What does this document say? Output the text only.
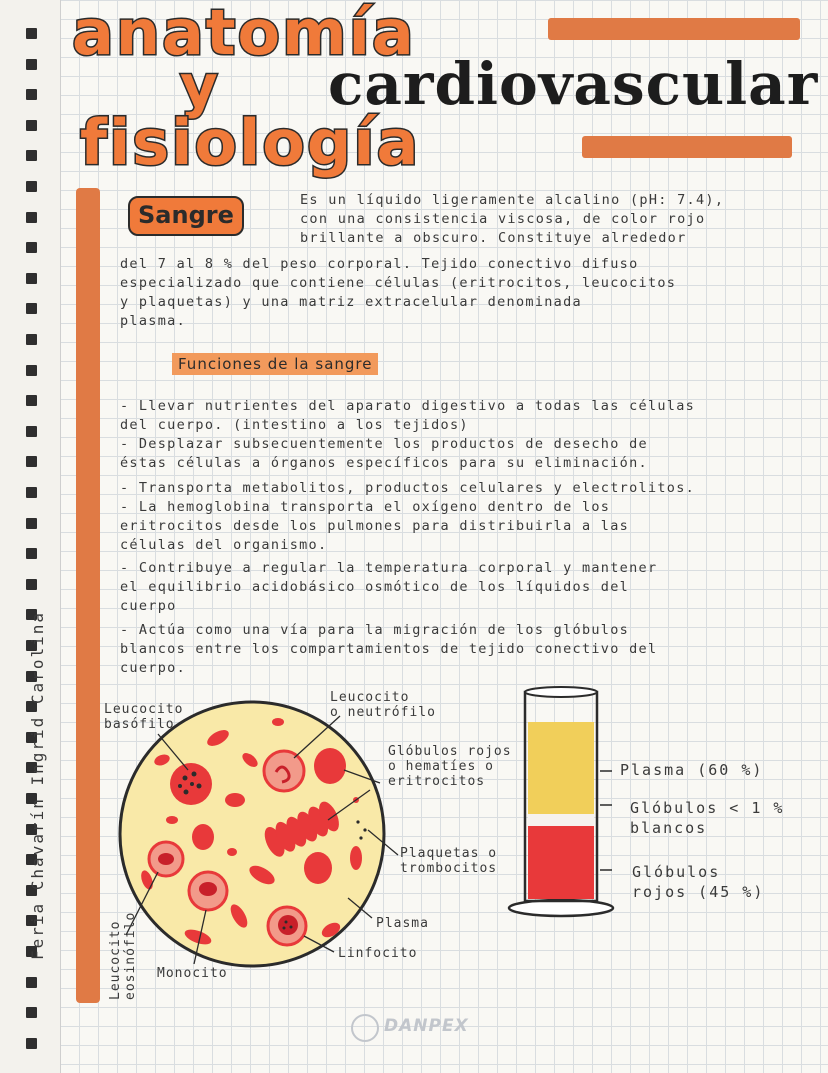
anatomía
y
fisiología
cardiovascular
Feria Chavarín Ingrid Carolina
Sangre
Es un líquido ligeramente alcalino (pH: 7.4),
con una consistencia viscosa, de color rojo
brillante a obscuro. Constituye alrededor
del 7 al 8 % del peso corporal. Tejido conectivo difuso
especializado que contiene células (eritrocitos, leucocitos
y plaquetas) y una matriz extracelular denominada
plasma.
Funciones de la sangre
- Llevar nutrientes del aparato digestivo a todas las células
del cuerpo. (intestino a los tejidos)
- Desplazar subsecuentemente los productos de desecho de
éstas células a órganos específicos para su eliminación.
- Transporta metabolitos, productos celulares y electrolitos.
- La hemoglobina transporta el oxígeno dentro de los
eritrocitos desde los pulmones para distribuirla a las
células del organismo.
- Contribuye a regular la temperatura corporal y mantener
el equilibrio acidobásico osmótico de los líquidos del
cuerpo
- Actúa como una vía para la migración de los glóbulos
blancos entre los compartamientos de tejido conectivo del
cuerpo.
Leucocito
basófilo
Leucocito
o neutrófilo
Glóbulos rojos
o hematíes o
eritrocitos
Plaquetas o
trombocitos
Plasma
Linfocito
Monocito
Leucocito
eosinófilo
Plasma (60 %)
Glóbulos < 1 %
blancos
Glóbulos
rojos (45 %)
DANPEX
